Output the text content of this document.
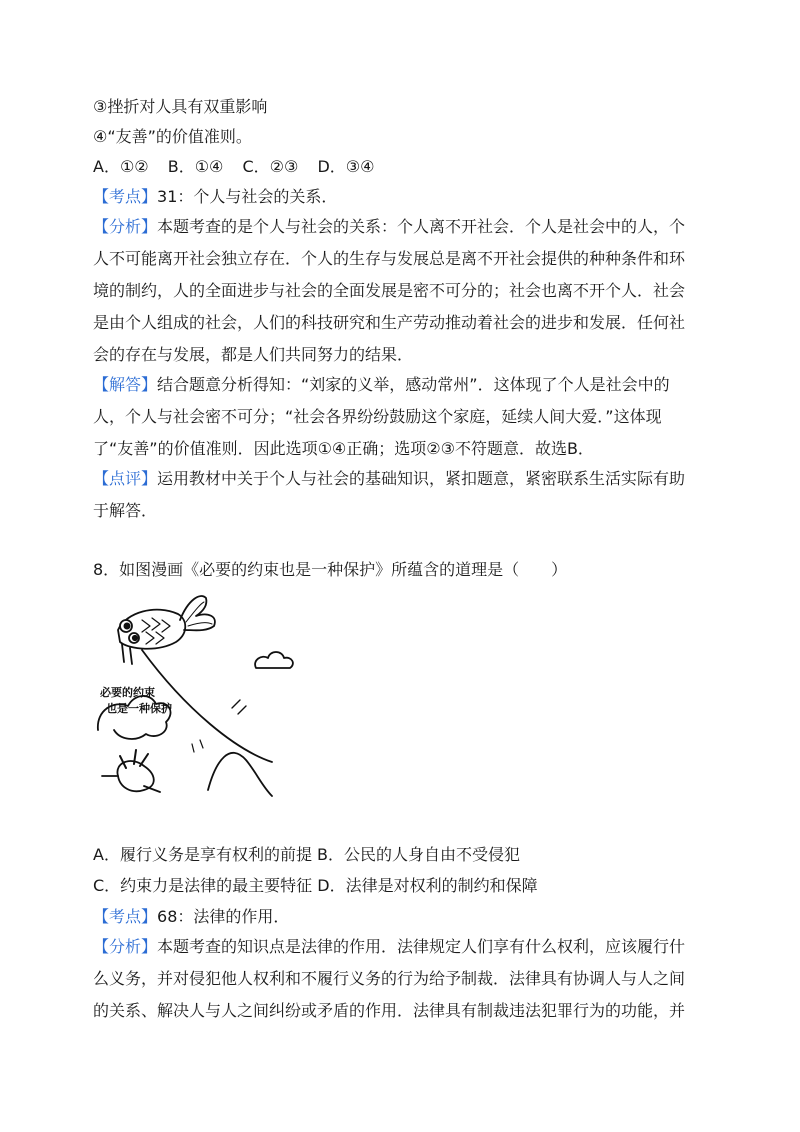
③挫折对人具有双重影响
④“友善”的价值准则。
A．①② B．①④ C．②③ D．③④
【考点】31：个人与社会的关系．
【分析】本题考查的是个人与社会的关系：个人离不开社会．个人是社会中的人，个
人不可能离开社会独立存在．个人的生存与发展总是离不开社会提供的种种条件和环
境的制约，人的全面进步与社会的全面发展是密不可分的；社会也离不开个人．社会
是由个人组成的社会，人们的科技研究和生产劳动推动着社会的进步和发展．任何社
会的存在与发展，都是人们共同努力的结果．
【解答】结合题意分析得知：“刘家的义举，感动常州”．这体现了个人是社会中的
人，个人与社会密不可分；“社会各界纷纷鼓励这个家庭，延续人间大爱．”这体现
了“友善”的价值准则．因此选项①④正确；选项②③不符题意．故选B．
【点评】运用教材中关于个人与社会的基础知识，紧扣题意，紧密联系生活实际有助
于解答．
8．如图漫画《必要的约束也是一种保护》所蕴含的道理是（　　）
必要的约束
也是一种保护
A．履行义务是享有权利的前提 B．公民的人身自由不受侵犯
C．约束力是法律的最主要特征 D．法律是对权利的制约和保障
【考点】68：法律的作用．
【分析】本题考查的知识点是法律的作用．法律规定人们享有什么权利，应该履行什
么义务，并对侵犯他人权利和不履行义务的行为给予制裁．法律具有协调人与人之间
的关系、解决人与人之间纠纷或矛盾的作用．法律具有制裁违法犯罪行为的功能，并
